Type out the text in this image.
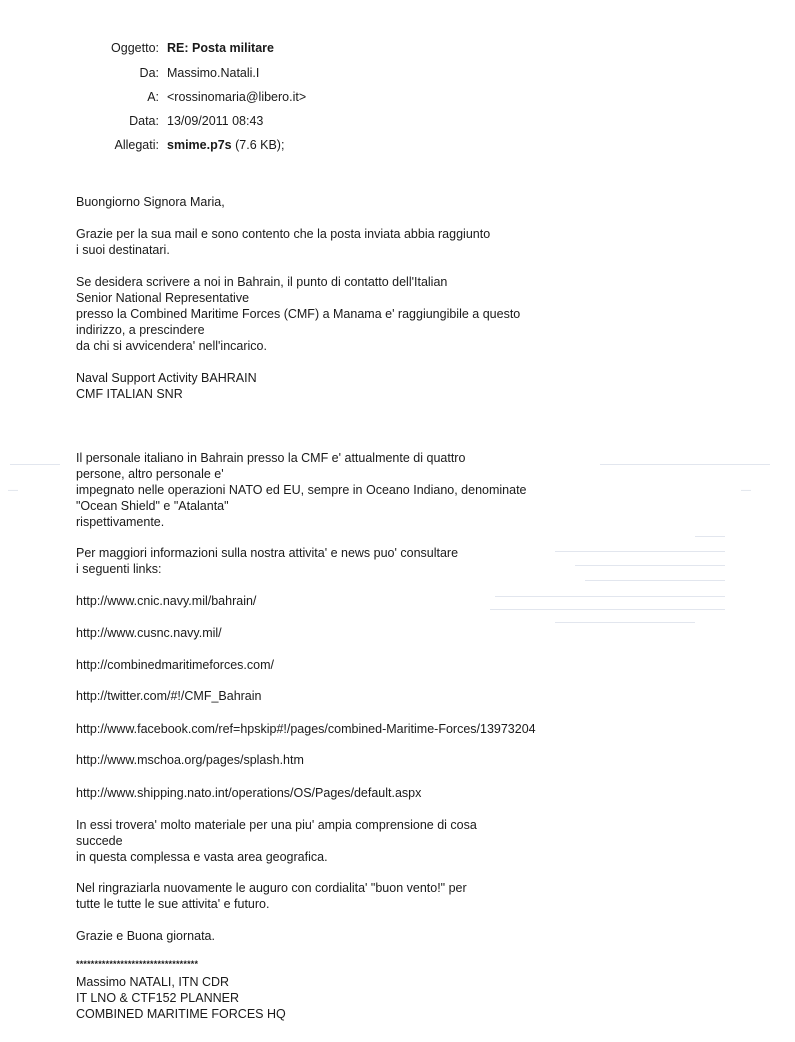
Oggetto: RE: Posta militare
Da: Massimo.Natali.I
A: <rossinomaria@libero.it>
Data: 13/09/2011 08:43
Allegati: smime.p7s (7.6 KB);
—	—
Buongiorno Signora Maria,
Grazie per la sua mail e sono contento che la posta inviata abbia raggiunto
i suoi destinatari.
Se desidera scrivere a noi in Bahrain, il punto di contatto dell'Italian
Senior National Representative
presso la Combined Maritime Forces (CMF) a Manama e' raggiungibile a questo
indirizzo, a prescindere
da chi si avvicendera' nell'incarico.
Naval Support Activity BAHRAIN
CMF ITALIAN SNR
Il personale italiano in Bahrain presso la CMF e' attualmente di quattro
persone, altro personale e'
impegnato nelle operazioni NATO ed EU, sempre in Oceano Indiano, denominate
"Ocean Shield" e "Atalanta"
rispettivamente.
Per maggiori informazioni sulla nostra attivita' e news puo' consultare
i seguenti links:
http://www.cnic.navy.mil/bahrain/
http://www.cusnc.navy.mil/
http://combinedmaritimeforces.com/
http://twitter.com/#!/CMF_Bahrain
http://www.facebook.com/ref=hpskip#!/pages/combined-Maritime-Forces/13973204
http://www.mschoa.org/pages/splash.htm
http://www.shipping.nato.int/operations/OS/Pages/default.aspx
In essi trovera' molto materiale per una piu' ampia comprensione di cosa
succede
in questa complessa e vasta area geografica.
Nel ringraziarla nuovamente le auguro con cordialita' "buon vento!" per
tutte le tutte le sue attivita' e futuro.
Grazie e Buona giornata.
*********************************
Massimo NATALI, ITN CDR
IT LNO & CTF152 PLANNER
COMBINED MARITIME FORCES HQ
